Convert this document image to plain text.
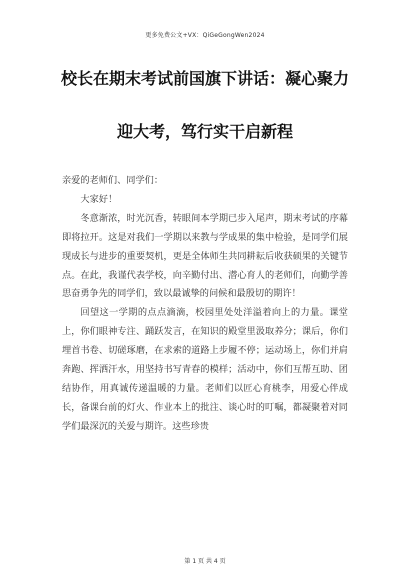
更多免费公文+VX：QiGeGongWen2024
校长在期末考试前国旗下讲话：凝心聚力
迎大考，笃行实干启新程

亲爱的老师们、同学们：

大家好！

冬意渐浓，时光沉香，转眼间本学期已步入尾声，期末考试的序幕即将拉开。这是对我们一学期以来教与学成果的集中检验，是同学们展现成长与进步的重要契机，更是全体师生共同耕耘后收获硕果的关键节点。在此，我谨代表学校，向辛勤付出、潜心育人的老师们，向勤学善思奋勇争先的同学们，致以最诚挚的问候和最殷切的期许！

回望这一学期的点点滴滴，校园里处处洋溢着向上的力量。课堂上，你们眼神专注、踊跃发言，在知识的殿堂里汲取养分；课后，你们埋首书卷、切磋琢磨，在求索的道路上步履不停；运动场上，你们并肩奔跑、挥洒汗水，用坚持书写青春的模样；活动中，你们互帮互助、团结协作，用真诚传递温暖的力量。老师们以匠心育桃李，用爱心伴成长，备课台前的灯火、作业本上的批注、谈心时的叮嘱，都凝聚着对同学们最深沉的关爱与期许。这些珍贵

第 1 页 共 4 页
